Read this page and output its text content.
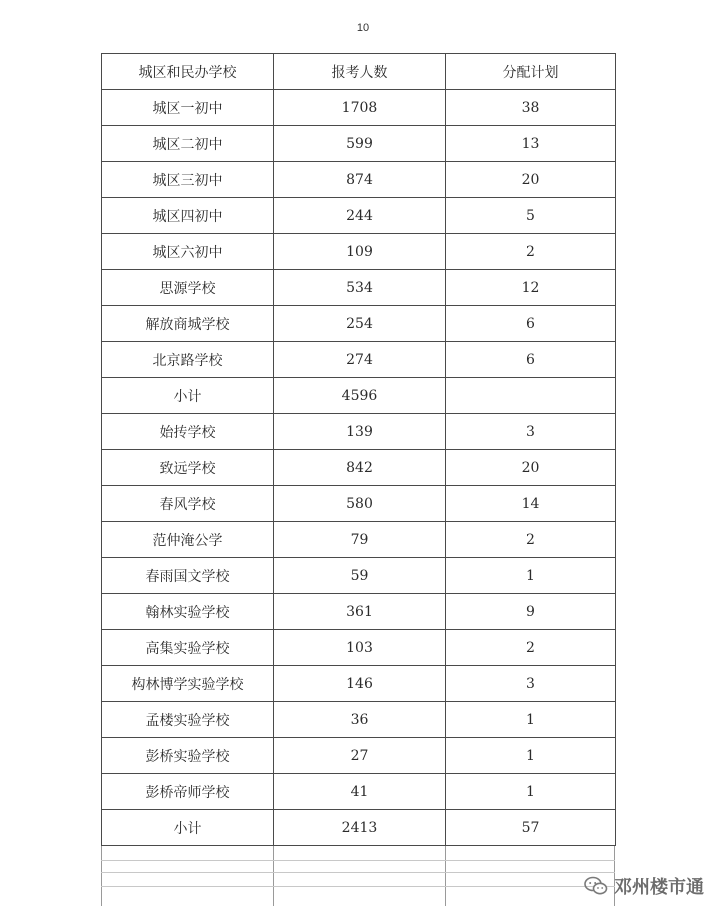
10
城区和民办学校	报考人数	分配计划
城区一初中	1708	38
城区二初中	599	13
城区三初中	874	20
城区四初中	244	5
城区六初中	109	2
思源学校	534	12
解放商城学校	254	6
北京路学校	274	6
小计	4596	
始抟学校	139	3
致远学校	842	20
春风学校	580	14
范仲淹公学	79	2
春雨国文学校	59	1
翰林实验学校	361	9
高集实验学校	103	2
构林博学实验学校	146	3
孟楼实验学校	36	1
彭桥实验学校	27	1
彭桥帝师学校	41	1
小计	2413	57
邓州楼市通
